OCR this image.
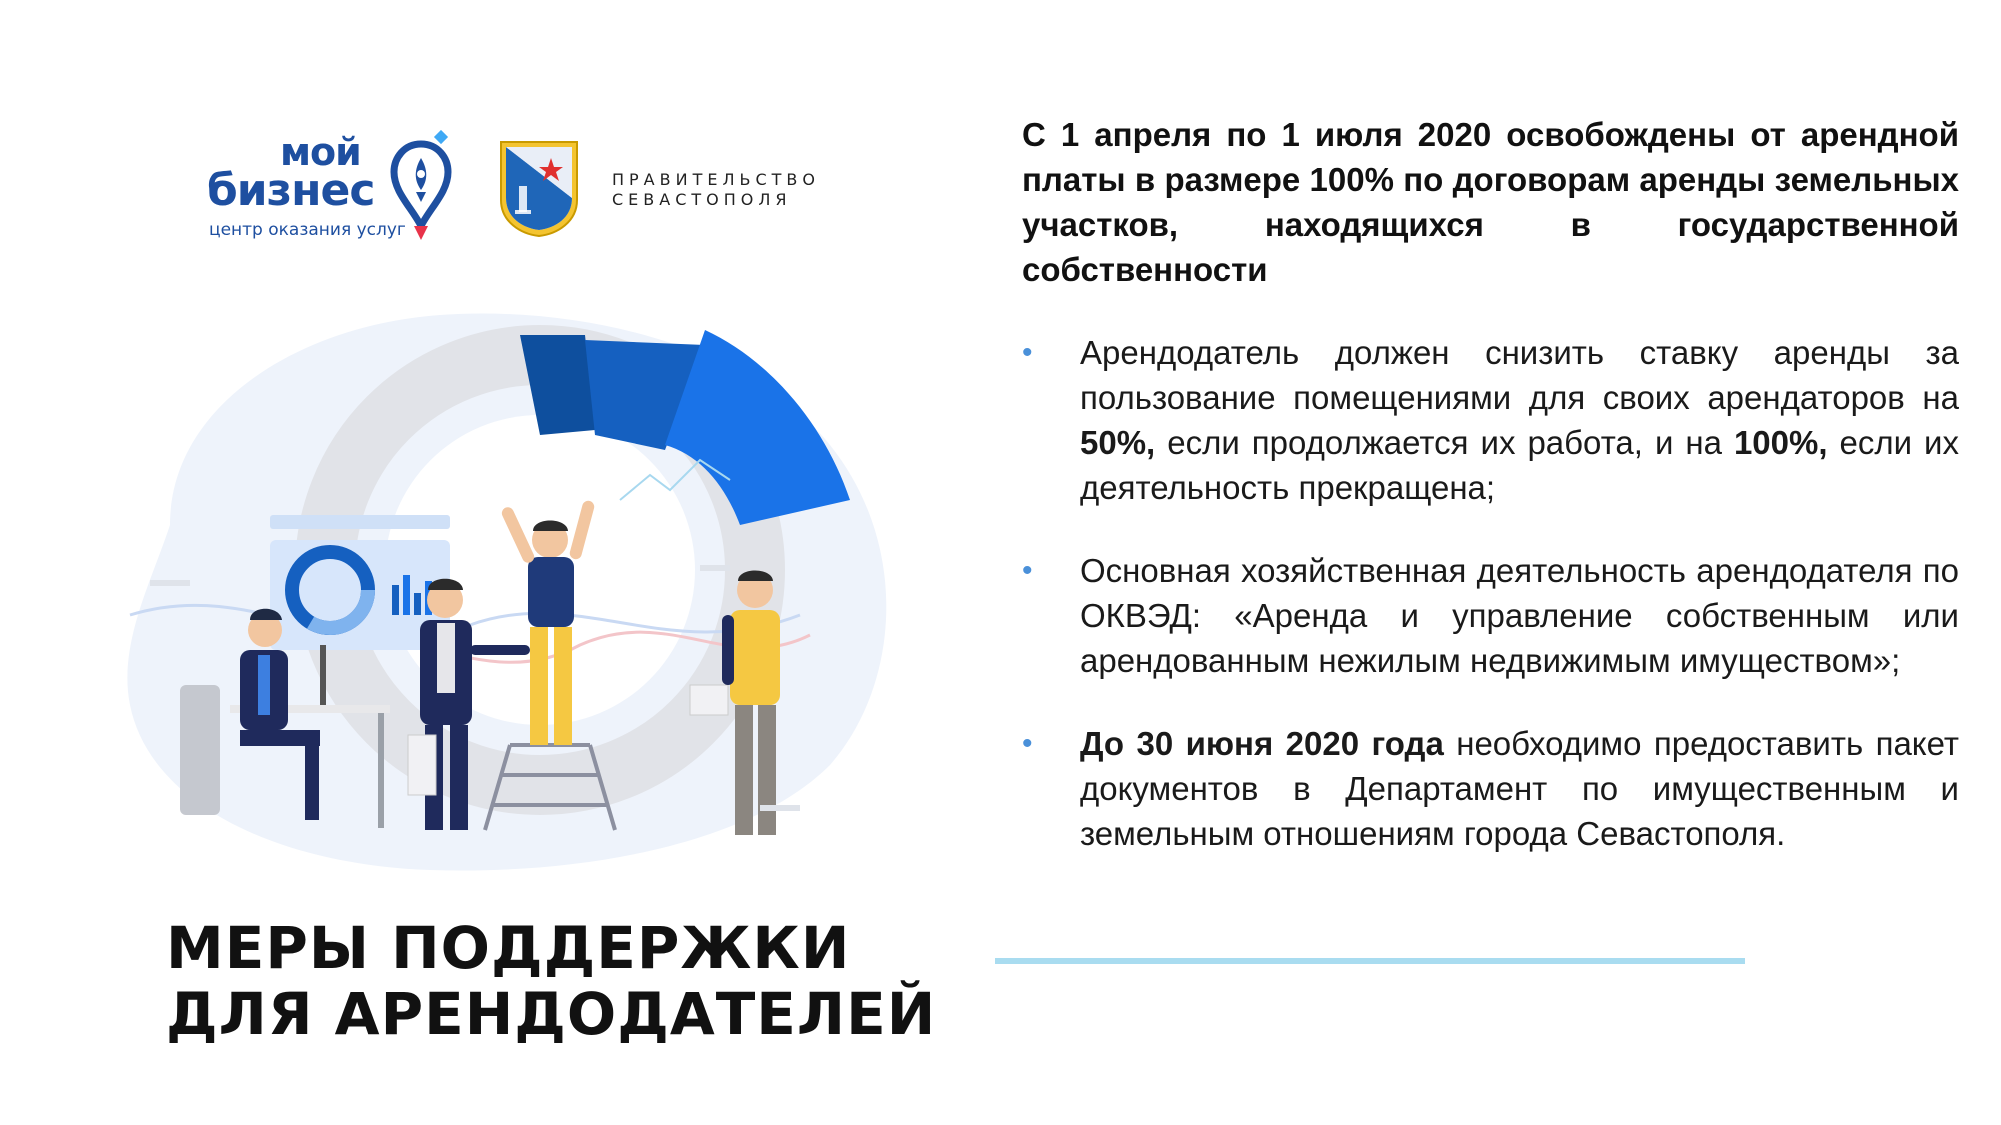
мой
бизнес
центр оказания услуг
ПРАВИТЕЛЬСТВО
СЕВАСТОПОЛЯ
МЕРЫ ПОДДЕРЖКИ
ДЛЯ АРЕНДОДАТЕЛЕЙ

С 1 апреля по 1 июля 2020 освобождены от арендной платы в размере 100% по договорам аренды земельных участков, находящихся в государственной собственности

• Арендодатель должен снизить ставку аренды за пользование помещениями для своих арендаторов на 50%, если продолжается их работа, и на 100%, если их деятельность прекращена;
• Основная хозяйственная деятельность арендодателя по ОКВЭД: «Аренда и управление собственным или арендованным нежилым недвижимым имуществом»;
• До 30 июня 2020 года необходимо предоставить пакет документов в Департамент по имущественным и земельным отношениям города Севастополя.
